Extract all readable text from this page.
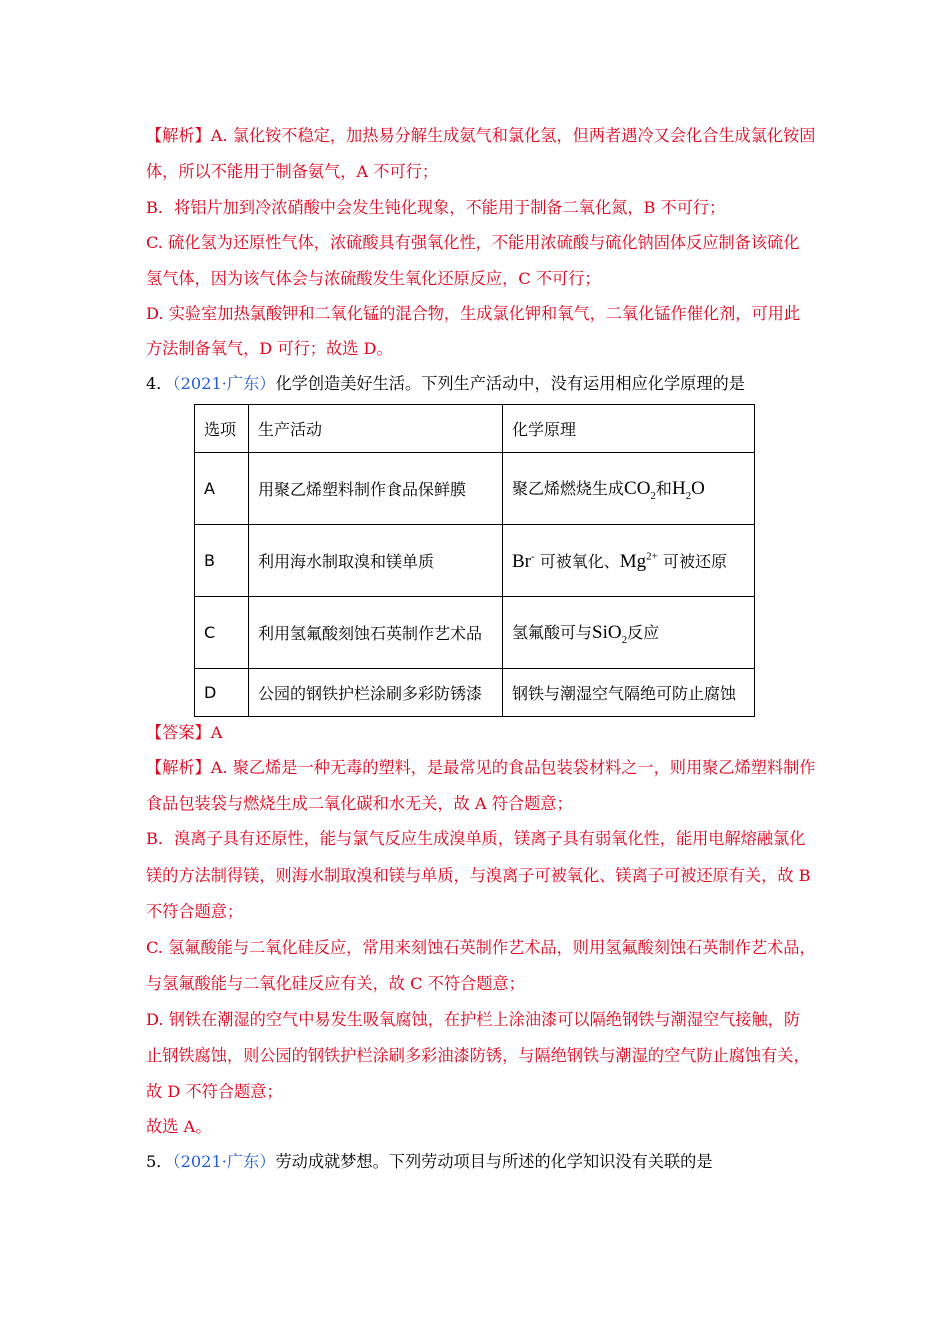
【解析】A. 氯化铵不稳定，加热易分解生成氨气和氯化氢，但两者遇冷又会化合生成氯化铵固
体，所以不能用于制备氨气，A 不可行；
B．将铝片加到冷浓硝酸中会发生钝化现象，不能用于制备二氧化氮，B 不可行；
C. 硫化氢为还原性气体，浓硫酸具有强氧化性，不能用浓硫酸与硫化钠固体反应制备该硫化
氢气体，因为该气体会与浓硫酸发生氧化还原反应，C 不可行；
D. 实验室加热氯酸钾和二氧化锰的混合物，生成氯化钾和氧气，二氧化锰作催化剂，可用此
方法制备氧气，D 可行；故选 D。
4．（2021·广东）化学创造美好生活。下列生产活动中，没有运用相应化学原理的是
选项	生产活动	化学原理
A	用聚乙烯塑料制作食品保鲜膜	聚乙烯燃烧生成$CO_2$和$H_2O$
B	利用海水制取溴和镁单质	Br- 可被氧化、$Mg^{2+}$ 可被还原
C	利用氢氟酸刻蚀石英制作艺术品	氢氟酸可与SiO$_2$反应
D	公园的钢铁护栏涂刷多彩防锈漆	钢铁与潮湿空气隔绝可防止腐蚀
【答案】A
【解析】A. 聚乙烯是一种无毒的塑料，是最常见的食品包装袋材料之一，则用聚乙烯塑料制作
食品包装袋与燃烧生成二氧化碳和水无关，故 A 符合题意；
B．溴离子具有还原性，能与氯气反应生成溴单质，镁离子具有弱氧化性，能用电解熔融氯化
镁的方法制得镁，则海水制取溴和镁与单质，与溴离子可被氧化、镁离子可被还原有关，故 B
不符合题意；
C. 氢氟酸能与二氧化硅反应，常用来刻蚀石英制作艺术品，则用氢氟酸刻蚀石英制作艺术品，
与氢氟酸能与二氧化硅反应有关，故 C 不符合题意；
D. 钢铁在潮湿的空气中易发生吸氧腐蚀，在护栏上涂油漆可以隔绝钢铁与潮湿空气接触，防
止钢铁腐蚀，则公园的钢铁护栏涂刷多彩油漆防锈，与隔绝钢铁与潮湿的空气防止腐蚀有关，
故 D 不符合题意；
故选 A。
5．（2021·广东）劳动成就梦想。下列劳动项目与所述的化学知识没有关联的是
